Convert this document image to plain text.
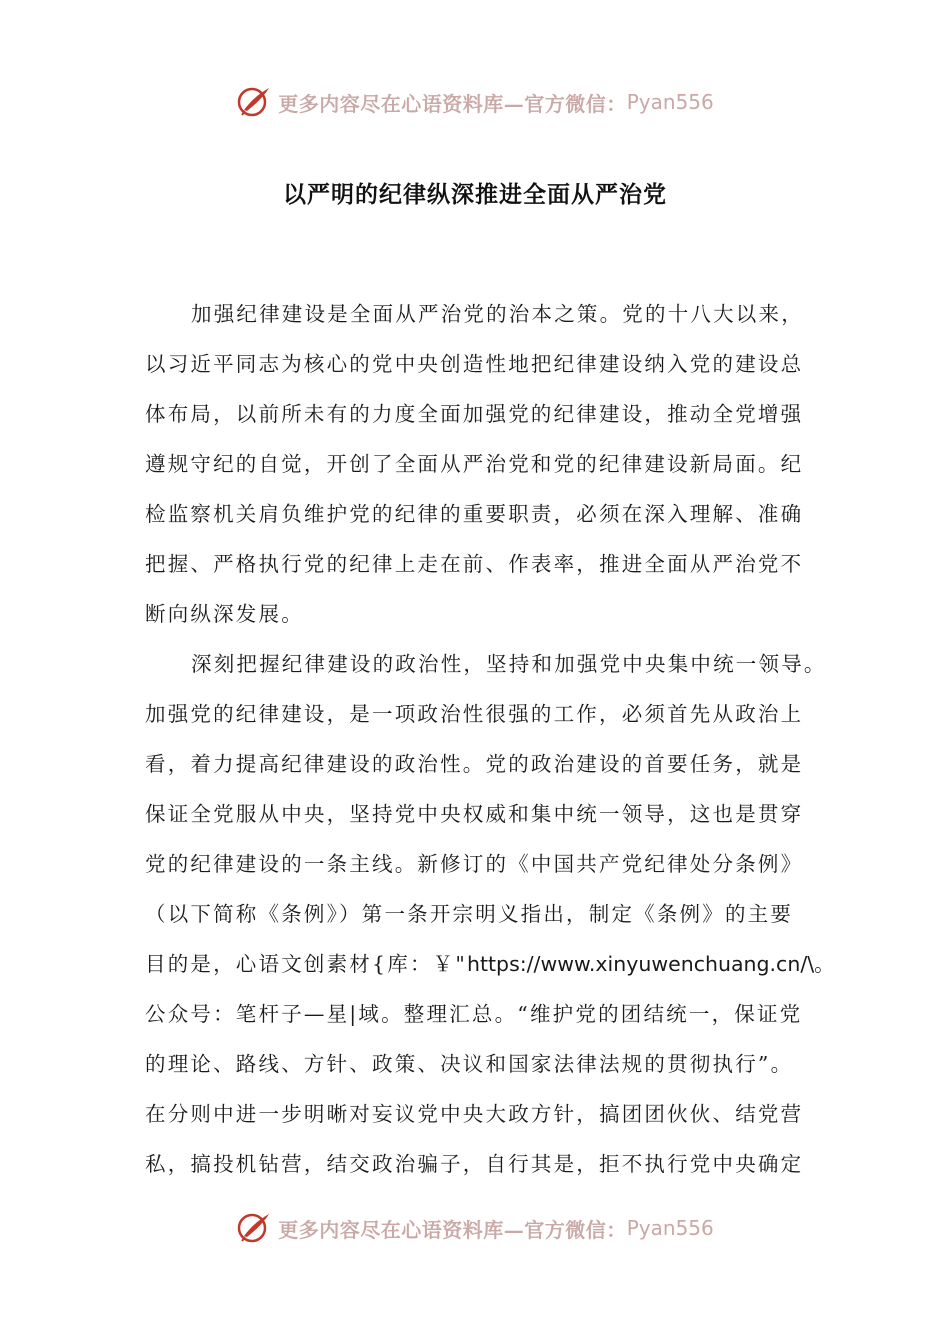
更多内容尽在心语资料库 —官方微信： Pyan556
以严明的纪律纵深推进全面从严治党
加强纪律建设是全面从严治党的治本之策。党的十八大以来，
以习近平同志为核心的党中央创造性地把纪律建设纳入党的建设总
体布局，以前所未有的力度全面加强党的纪律建设，推动全党增强
遵规守纪的自觉，开创了全面从严治党和党的纪律建设新局面。纪
检监察机关肩负维护党的纪律的重要职责，必须在深入理解、准确
把握、严格执行党的纪律上走在前、作表率，推进全面从严治党不
断向纵深发展。
深刻把握纪律建设的政治性，坚持和加强党中央集中统一领导。
加强党的纪律建设，是一项政治性很强的工作，必须首先从政治上
看，着力提高纪律建设的政治性。党的政治建设的首要任务，就是
保证全党服从中央，坚持党中央权威和集中统一领导，这也是贯穿
党的纪律建设的一条主线。新修订的《中国共产党纪律处分条例》
（以下简称《条例》）第一条开宗明义指出，制定《条例》的主要
目的是，心语文创素材{库：￥"https://www.xinyuwenchuang.cn/\。
公众号：笔杆子—星|域。整理汇总。“维护党的团结统一，保证党
的理论、路线、方针、政策、决议和国家法律法规的贯彻执行”。
在分则中进一步明晰对妄议党中央大政方针，搞团团伙伙、结党营
私，搞投机钻营，结交政治骗子，自行其是，拒不执行党中央确定
更多内容尽在心语资料库 —官方微信： Pyan556
